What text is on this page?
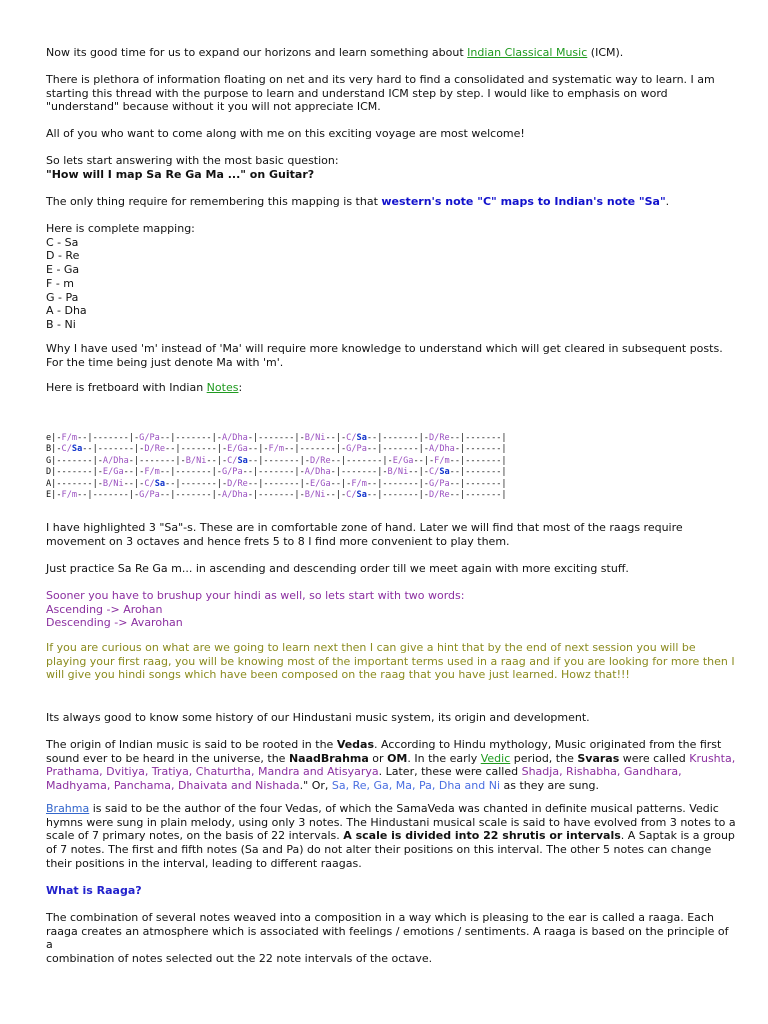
Now its good time for us to expand our horizons and learn something about Indian Classical Music (ICM).

There is plethora of information floating on net and its very hard to find a consolidated and systematic way to learn. I am
starting this thread with the purpose to learn and understand ICM step by step. I would like to emphasis on word
"understand" because without it you will not appreciate ICM.

All of you who want to come along with me on this exciting voyage are most welcome!

So lets start answering with the most basic question:
"How will I map Sa Re Ga Ma ..." on Guitar?

The only thing require for remembering this mapping is that western's note "C" maps to Indian's note "Sa".

Here is complete mapping:
C - Sa
D - Re
E - Ga
F - m
G - Pa
A - Dha
B - Ni

Why I have used 'm' instead of 'Ma' will require more knowledge to understand which will get cleared in subsequent posts.
For the time being just denote Ma with 'm'.

Here is fretboard with Indian Notes:

e|-F/m--|-------|-G/Pa--|-------|-A/Dha-|-------|-B/Ni--|-C/Sa--|-------|-D/Re--|-------|
B|-C/Sa--|-------|-D/Re--|-------|-E/Ga--|-F/m--|-------|-G/Pa--|-------|-A/Dha-|-------|
G|-------|-A/Dha-|-------|-B/Ni--|-C/Sa--|-------|-D/Re--|-------|-E/Ga--|-F/m--|-------|
D|-------|-E/Ga--|-F/m--|-------|-G/Pa--|-------|-A/Dha-|-------|-B/Ni--|-C/Sa--|-------|
A|-------|-B/Ni--|-C/Sa--|-------|-D/Re--|-------|-E/Ga--|-F/m--|-------|-G/Pa--|-------|
E|-F/m--|-------|-G/Pa--|-------|-A/Dha-|-------|-B/Ni--|-C/Sa--|-------|-D/Re--|-------|

I have highlighted 3 "Sa"-s. These are in comfortable zone of hand. Later we will find that most of the raags require
movement on 3 octaves and hence frets 5 to 8 I find more convenient to play them.

Just practice Sa Re Ga m... in ascending and descending order till we meet again with more exciting stuff.

Sooner you have to brushup your hindi as well, so lets start with two words:
Ascending -> Arohan
Descending -> Avarohan

If you are curious on what are we going to learn next then I can give a hint that by the end of next session you will be
playing your first raag, you will be knowing most of the important terms used in a raag and if you are looking for more then I
will give you hindi songs which have been composed on the raag that you have just learned. Howz that!!!

Its always good to know some history of our Hindustani music system, its origin and development.

The origin of Indian music is said to be rooted in the Vedas. According to Hindu mythology, Music originated from the first
sound ever to be heard in the universe, the NaadBrahma or OM. In the early Vedic period, the Svaras were called Krushta,
Prathama, Dvitiya, Tratiya, Chaturtha, Mandra and Atisyarya. Later, these were called Shadja, Rishabha, Gandhara,
Madhyama, Panchama, Dhaivata and Nishada." Or, Sa, Re, Ga, Ma, Pa, Dha and Ni as they are sung.

Brahma is said to be the author of the four Vedas, of which the SamaVeda was chanted in definite musical patterns. Vedic
hymns were sung in plain melody, using only 3 notes. The Hindustani musical scale is said to have evolved from 3 notes to a
scale of 7 primary notes, on the basis of 22 intervals. A scale is divided into 22 shrutis or intervals. A Saptak is a group
of 7 notes. The first and fifth notes (Sa and Pa) do not alter their positions on this interval. The other 5 notes can change
their positions in the interval, leading to different raagas.

What is Raaga?

The combination of several notes weaved into a composition in a way which is pleasing to the ear is called a raaga. Each
raaga creates an atmosphere which is associated with feelings / emotions / sentiments. A raaga is based on the principle of a
combination of notes selected out the 22 note intervals of the octave.
